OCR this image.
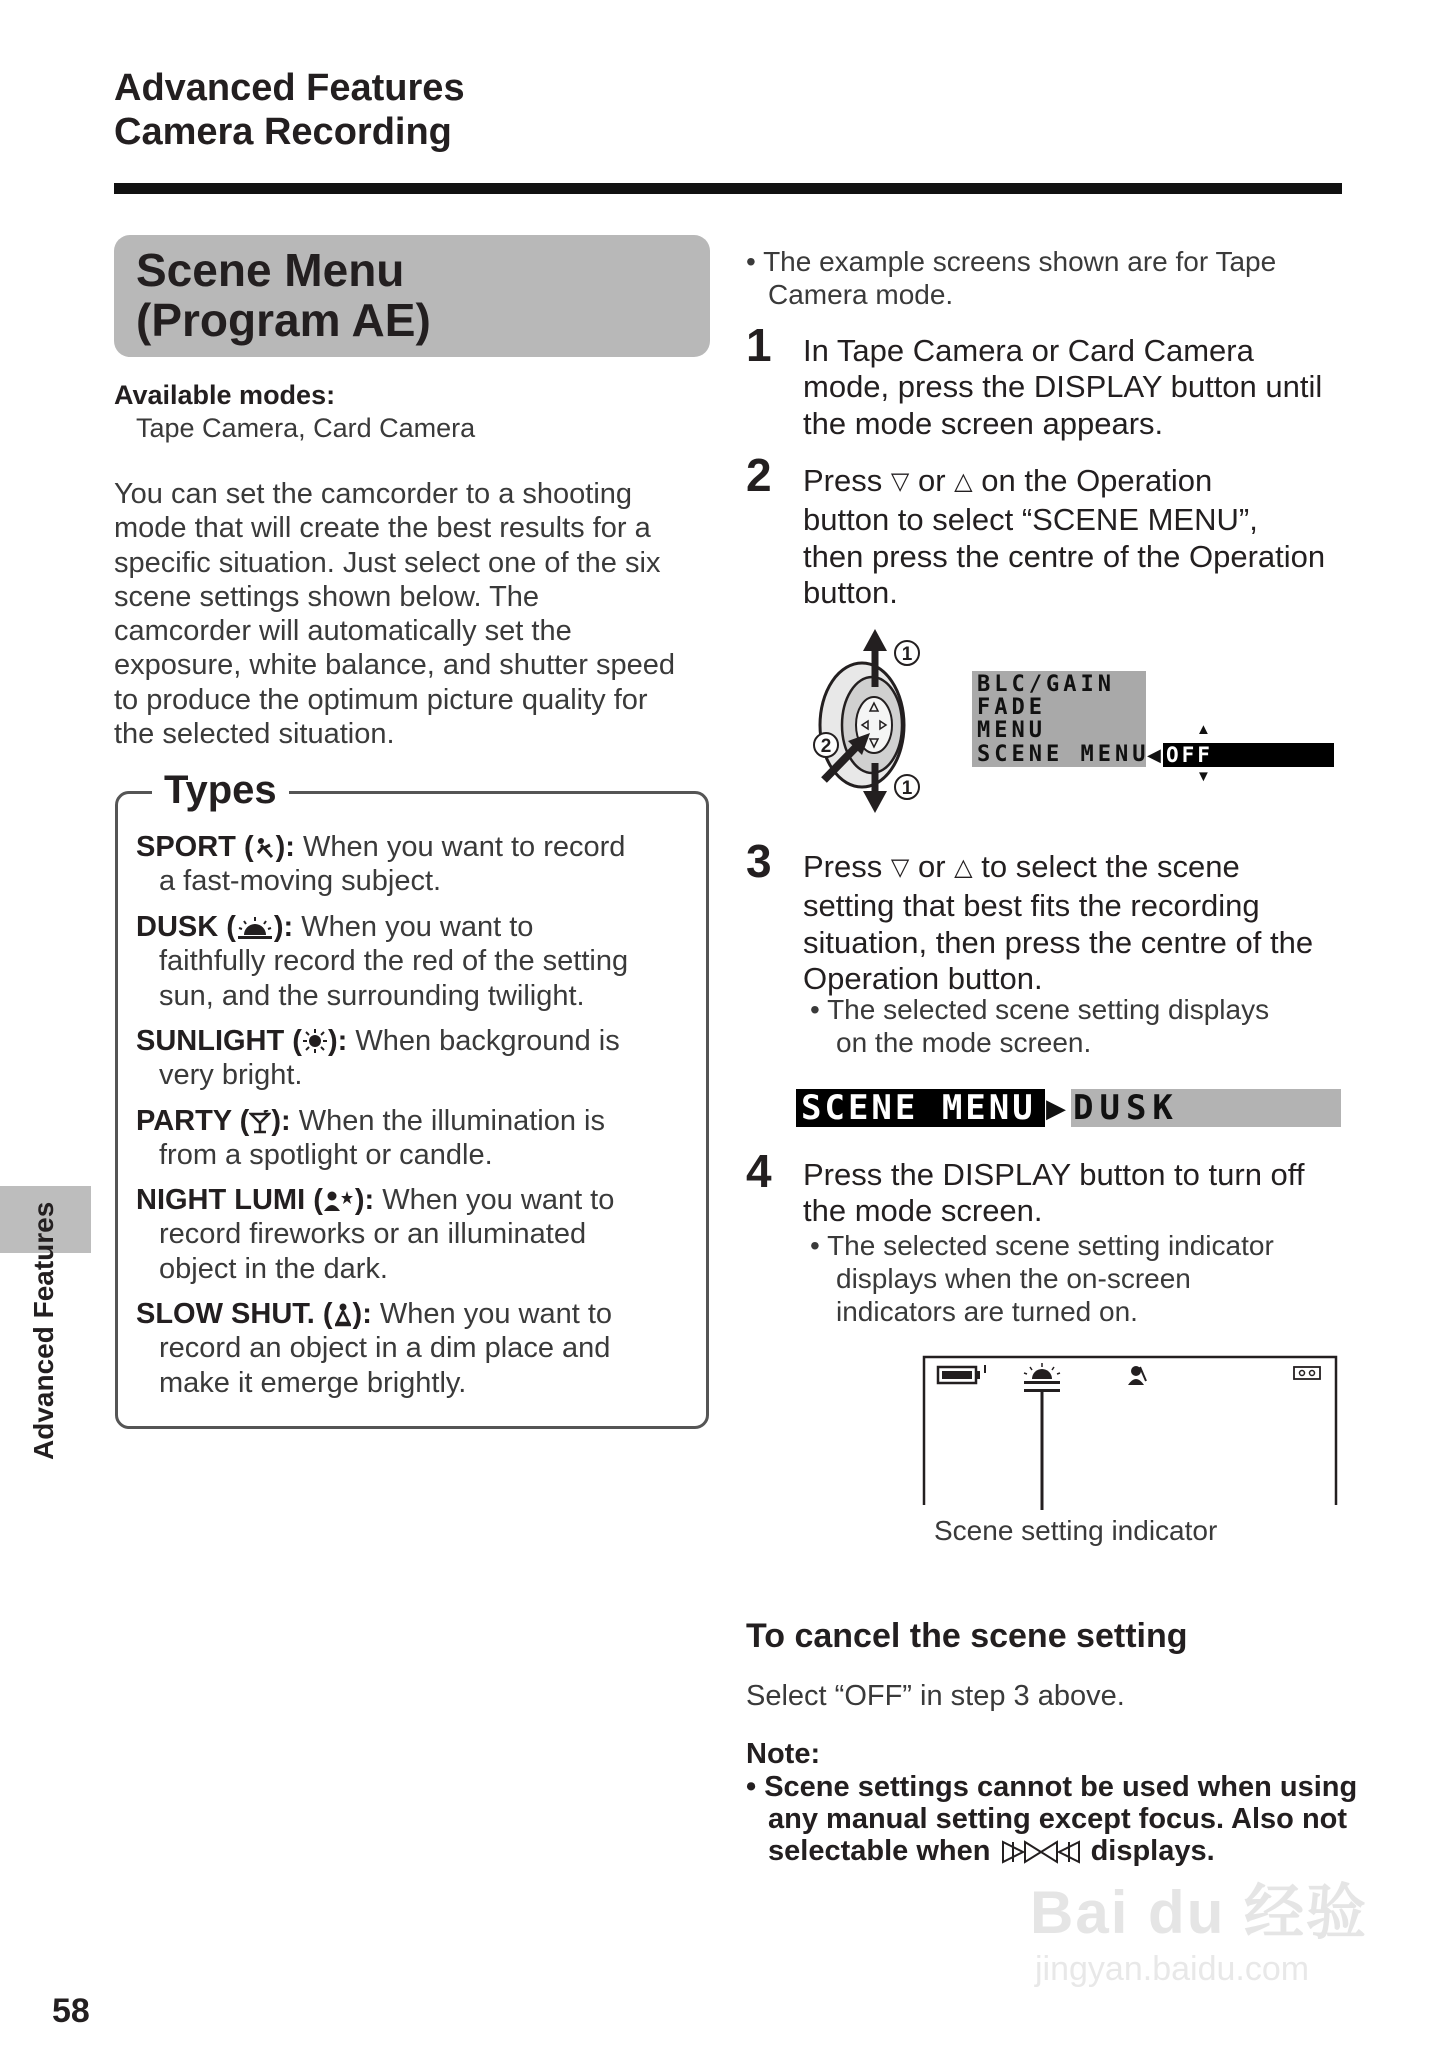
Advanced Features
Camera Recording
Scene Menu
(Program AE)
Available modes:
Tape Camera, Card Camera
You can set the camcorder to a shooting
mode that will create the best results for a
specific situation. Just select one of the six
scene settings shown below. The
camcorder will automatically set the
exposure, white balance, and shutter speed
to produce the optimum picture quality for
the selected situation.
Types
SPORT ( ): When you want to record
a fast-moving subject.
DUSK ( ): When you want to
faithfully record the red of the setting
sun, and the surrounding twilight.
SUNLIGHT ( ): When background is
very bright.
PARTY ( ): When the illumination is
from a spotlight or candle.
NIGHT LUMI ( ): When you want to
record fireworks or an illuminated
object in the dark.
SLOW SHUT. ( ): When you want to
record an object in a dim place and
make it emerge brightly.
Advanced Features
58
• The example screens shown are for Tape
Camera mode.
1 In Tape Camera or Card Camera
mode, press the DISPLAY button until
the mode screen appears.
2 Press ▽ or △ on the Operation
button to select “SCENE MENU”,
then press the centre of the Operation
button.
1
2
1
BLC/GAIN
FADE
MENU
SCENE MENU
◀ OFF
▲
▼
3 Press ▽ or △ to select the scene
setting that best fits the recording
situation, then press the centre of the
Operation button.
• The selected scene setting displays
on the mode screen.
SCENE MENU ▶ DUSK
4 Press the DISPLAY button to turn off
the mode screen.
• The selected scene setting indicator
displays when the on-screen
indicators are turned on.
Scene setting indicator
To cancel the scene setting
Select “OFF” in step 3 above.
Note:
• Scene settings cannot be used when using
any manual setting except focus. Also not
selectable when	displays.
Bai du 经验
jingyan.baidu.com
